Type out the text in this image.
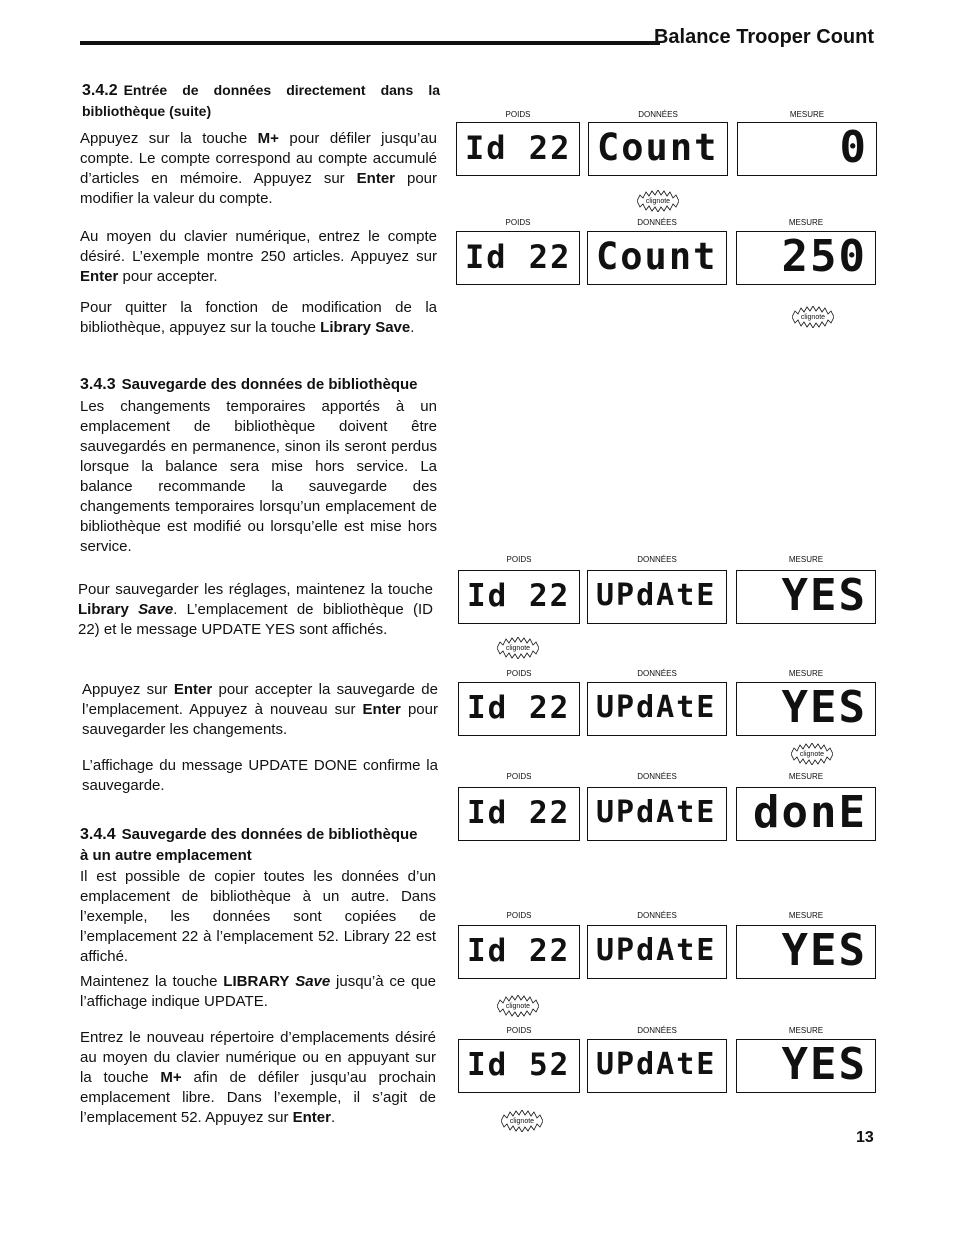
Balance Trooper Count
3.4.2 Entrée de données directement dans la
bibliothèque (suite)

Appuyez sur la touche M+ pour défiler jusqu’au compte. Le compte correspond au compte accumulé d’articles en mémoire. Appuyez sur Enter pour modifier la valeur du compte.

Au moyen du clavier numérique, entrez le compte désiré. L’exemple montre 250 articles. Appuyez sur Enter pour accepter.

Pour quitter la fonction de modification de la bibliothèque, appuyez sur la touche Library Save.

3.4.3 Sauvegarde des données de bibliothèque

Les changements temporaires apportés à un emplacement de bibliothèque doivent être sauvegardés en permanence, sinon ils seront perdus lorsque la balance sera mise hors service. La balance recommande la sauvegarde des changements temporaires lorsqu’un emplacement de bibliothèque est modifié ou lorsqu’elle est mise hors service.

Pour sauvegarder les réglages, maintenez la touche Library Save. L’emplacement de bibliothèque (ID 22) et le message UPDATE YES sont affichés.

Appuyez sur Enter pour accepter la sauvegarde de l’emplacement. Appuyez à nouveau sur Enter pour sauvegarder les changements.

L’affichage du message UPDATE DONE confirme la sauvegarde.

3.4.4 Sauvegarde des données de bibliothèque
à un autre emplacement

Il est possible de copier toutes les données d’un emplacement de bibliothèque à un autre. Dans l’exemple, les données sont copiées de l’emplacement 22 à l’emplacement 52. Library 22 est affiché.

Maintenez la touche LIBRARY Save jusqu’à ce que l’affichage indique UPDATE.

Entrez le nouveau répertoire d’emplacements désiré au moyen du clavier numérique ou en appuyant sur la touche M+ afin de défiler jusqu’au prochain emplacement libre. Dans l’exemple, il s’agit de l’emplacement 52. Appuyez sur Enter.

POIDS	DONNÉES	MESURE
Id 22 Count	0
clignote
POIDS	DONNÉES	MESURE
Id 22 Count	250
clignote
POIDS	DONNÉES	MESURE
Id 22 UPdAtE	YES
clignote
POIDS	DONNÉES	MESURE
Id 22 UPdAtE	YES
clignote
POIDS	DONNÉES	MESURE
Id 22 UPdAtE donE
POIDS	DONNÉES	MESURE
Id 22 UPdAtE	YES
clignote
POIDS	DONNÉES	MESURE
Id 52 UPdAtE	YES
clignote
13
